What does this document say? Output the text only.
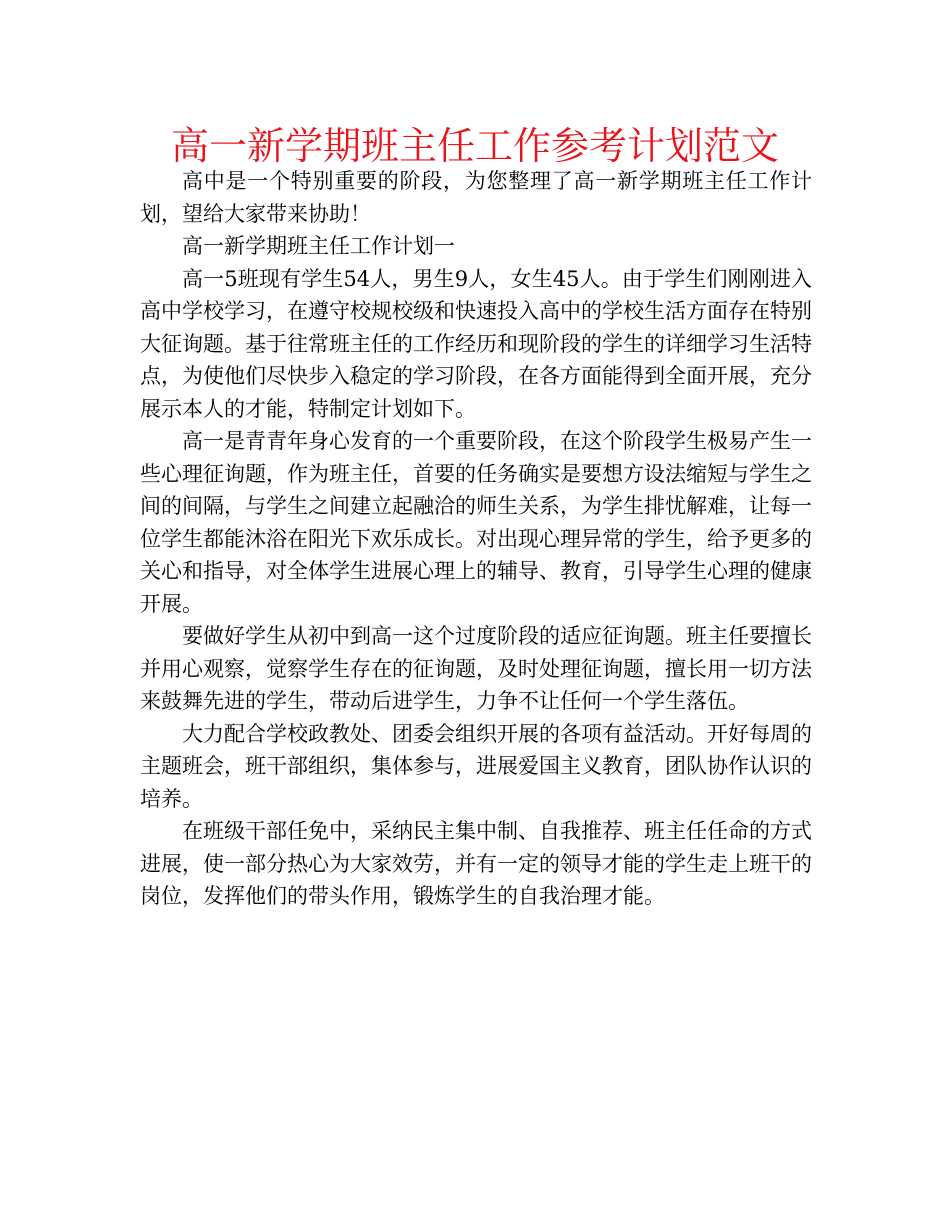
高一新学期班主任工作参考计划范文

高中是一个特别重要的阶段，为您整理了高一新学期班主任工作计划，望给大家带来协助！

高一新学期班主任工作计划一

高一5班现有学生54人，男生9人，女生45人。由于学生们刚刚进入高中学校学习，在遵守校规校级和快速投入高中的学校生活方面存在特别大征询题。基于往常班主任的工作经历和现阶段的学生的详细学习生活特点，为使他们尽快步入稳定的学习阶段，在各方面能得到全面开展，充分展示本人的才能，特制定计划如下。

高一是青青年身心发育的一个重要阶段，在这个阶段学生极易产生一些心理征询题，作为班主任，首要的任务确实是要想方设法缩短与学生之间的间隔，与学生之间建立起融洽的师生关系，为学生排忧解难，让每一位学生都能沐浴在阳光下欢乐成长。对出现心理异常的学生，给予更多的关心和指导，对全体学生进展心理上的辅导、教育，引导学生心理的健康开展。

要做好学生从初中到高一这个过度阶段的适应征询题。班主任要擅长并用心观察，觉察学生存在的征询题，及时处理征询题，擅长用一切方法来鼓舞先进的学生，带动后进学生，力争不让任何一个学生落伍。

大力配合学校政教处、团委会组织开展的各项有益活动。开好每周的主题班会，班干部组织，集体参与，进展爱国主义教育，团队协作认识的培养。

在班级干部任免中，采纳民主集中制、自我推荐、班主任任命的方式进展，使一部分热心为大家效劳，并有一定的领导才能的学生走上班干的岗位，发挥他们的带头作用，锻炼学生的自我治理才能。
